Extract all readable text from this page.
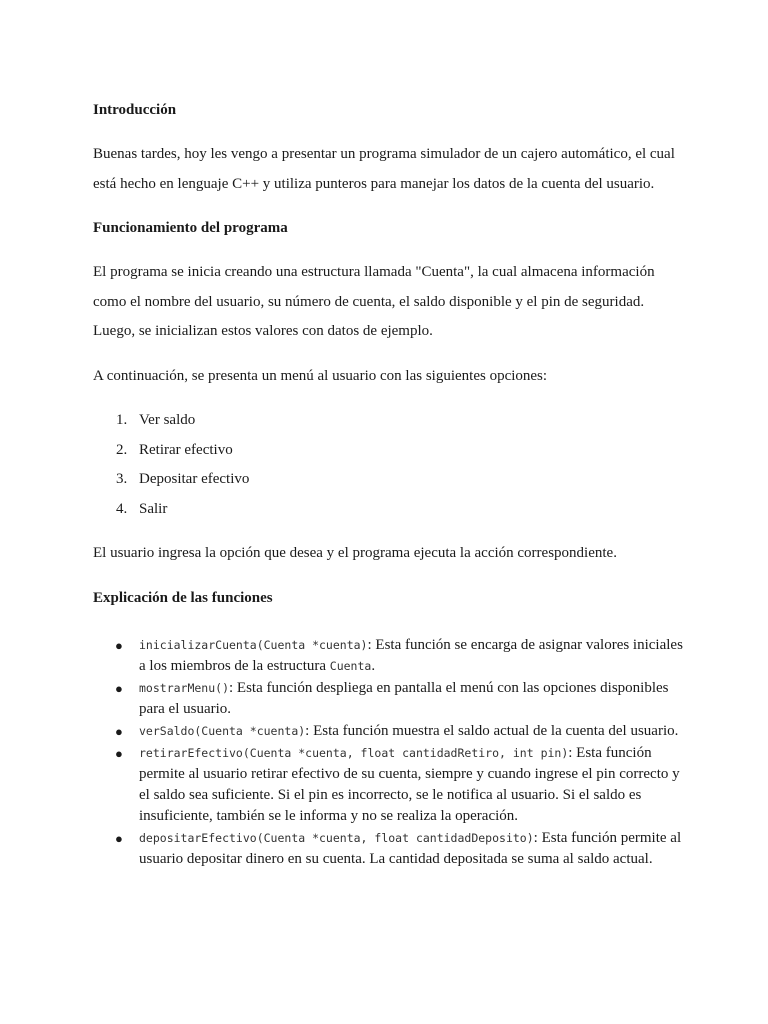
Introducción

Buenas tardes, hoy les vengo a presentar un programa simulador de un cajero automático, el cual está hecho en lenguaje C++ y utiliza punteros para manejar los datos de la cuenta del usuario.

Funcionamiento del programa

El programa se inicia creando una estructura llamada "Cuenta", la cual almacena información como el nombre del usuario, su número de cuenta, el saldo disponible y el pin de seguridad. Luego, se inicializan estos valores con datos de ejemplo.

A continuación, se presenta un menú al usuario con las siguientes opciones:

1. Ver saldo
2. Retirar efectivo
3. Depositar efectivo
4. Salir

El usuario ingresa la opción que desea y el programa ejecuta la acción correspondiente.

Explicación de las funciones

●	inicializarCuenta(Cuenta *cuenta): Esta función se encarga de asignar valores iniciales a los miembros de la estructura Cuenta.
●	mostrarMenu(): Esta función despliega en pantalla el menú con las opciones disponibles para el usuario.
●	verSaldo(Cuenta *cuenta): Esta función muestra el saldo actual de la cuenta del usuario.
●	retirarEfectivo(Cuenta *cuenta, float cantidadRetiro, int pin): Esta función permite al usuario retirar efectivo de su cuenta, siempre y cuando ingrese el pin correcto y el saldo sea suficiente. Si el pin es incorrecto, se le notifica al usuario. Si el saldo es insuficiente, también se le informa y no se realiza la operación.
●	depositarEfectivo(Cuenta *cuenta, float cantidadDeposito): Esta función permite al usuario depositar dinero en su cuenta. La cantidad depositada se suma al saldo actual.
